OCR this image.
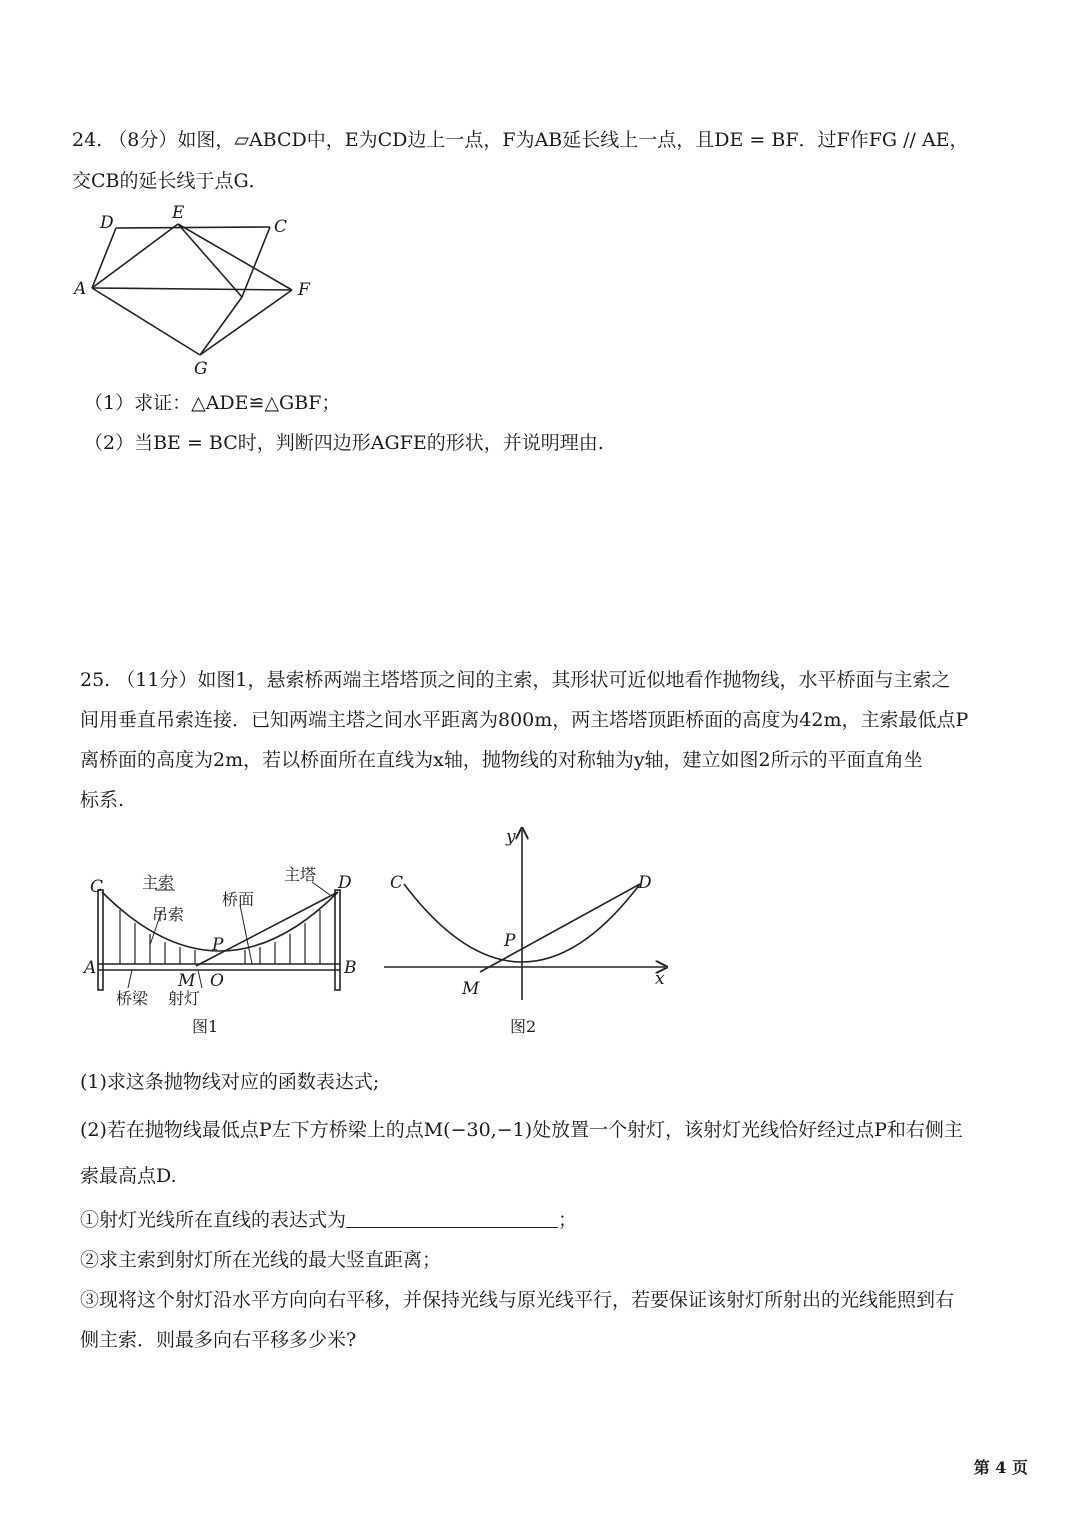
24. （8分）如图，▱ABCD中，E为CD边上一点，F为AB延长线上一点，且DE = BF．过F作FG // AE，
交CB的延长线于点G．
D	E
C
A	F
G
（1）求证：△ADE≌△GBF；
（2）当BE = BC时，判断四边形AGFE的形状，并说明理由.
25. （11分）如图1，悬索桥两端主塔塔顶之间的主索，其形状可近似地看作抛物线，水平桥面与主索之
间用垂直吊索连接．已知两端主塔之间水平距离为800m，两主塔塔顶距桥面的高度为42m，主索最低点P
离桥面的高度为2m，若以桥面所在直线为x轴，抛物线的对称轴为y轴，建立如图2所示的平面直角坐
标系.
C	D
A	B
P
M O
主索
吊索
桥面
主塔
桥梁 射灯
图1
C	D
P
M	x
y
图2
(1)求这条抛物线对应的函数表达式;
(2)若在抛物线最低点P左下方桥梁上的点M(−30,−1)处放置一个射灯，该射灯光线恰好经过点P和右侧主
索最高点D.
①射灯光线所在直线的表达式为	；
②求主索到射灯所在光线的最大竖直距离；
③现将这个射灯沿水平方向向右平移，并保持光线与原光线平行，若要保证该射灯所射出的光线能照到右
侧主索．则最多向右平移多少米?
第 4 页
